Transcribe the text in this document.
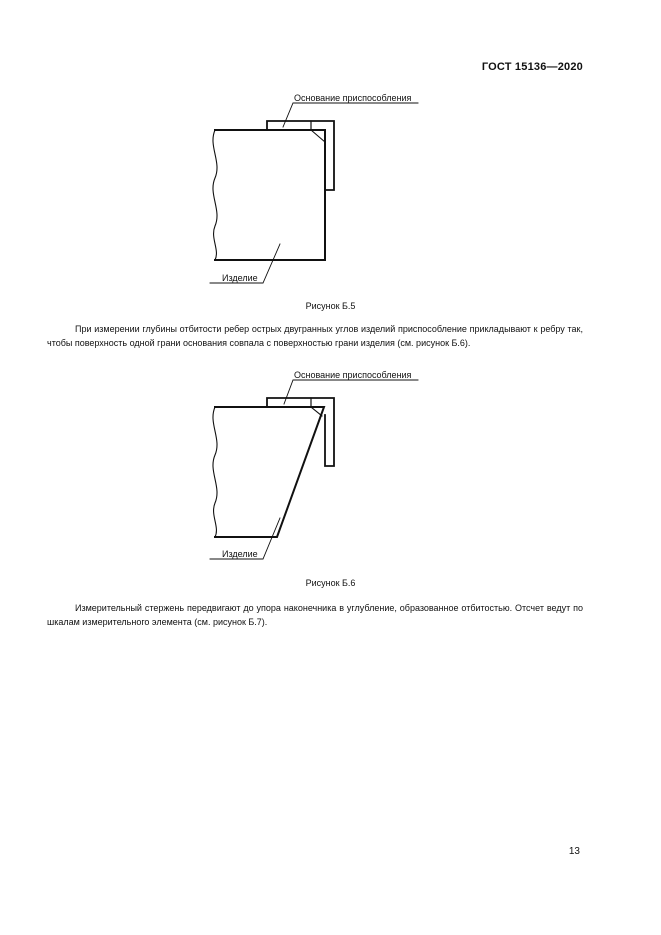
ГОСТ 15136—2020
Основание приспособления
Изделие
Рисунок Б.5
При измерении глубины отбитости ребер острых двугранных углов изделий приспособление прикладывают к ребру так, чтобы поверхность одной грани основания совпала с поверхностью грани изделия (см. рисунок Б.6).
Основание приспособления
Изделие
Рисунок Б.6
Измерительный стержень передвигают до упора наконечника в углубление, образованное отбитостью. Отсчет ведут по шкалам измерительного элемента (см. рисунок Б.7).
13
